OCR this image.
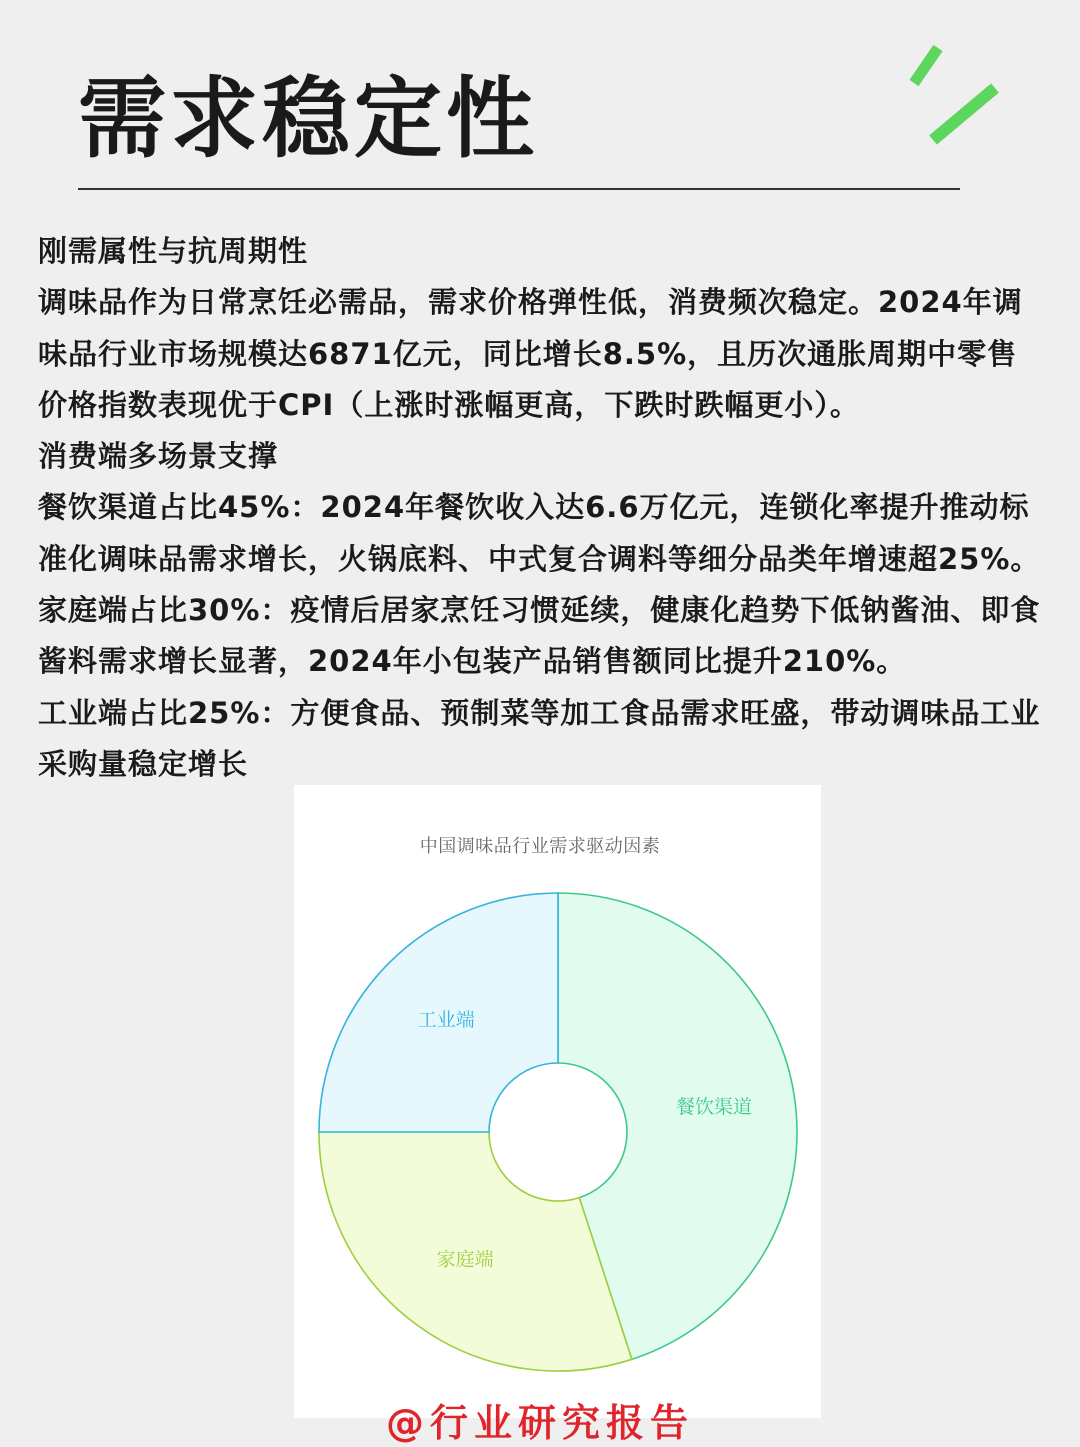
需求稳定性
刚需属性与抗周期性
调味品作为日常烹饪必需品，需求价格弹性低，消费频次稳定。2024年调
味品行业市场规模达6871亿元，同比增长8.5%，且历次通胀周期中零售
价格指数表现优于CPI（上涨时涨幅更高，下跌时跌幅更小）。
消费端多场景支撑
餐饮渠道占比45%：2024年餐饮收入达6.6万亿元，连锁化率提升推动标
准化调味品需求增长，火锅底料、中式复合调料等细分品类年增速超25%。
家庭端占比30%：疫情后居家烹饪习惯延续，健康化趋势下低钠酱油、即食
酱料需求增长显著，2024年小包装产品销售额同比提升210%。
工业端占比25%：方便食品、预制菜等加工食品需求旺盛，带动调味品工业
采购量稳定增长
餐饮渠道
家庭端
工业端
中国调味品行业需求驱动因素
@行业研究报告
